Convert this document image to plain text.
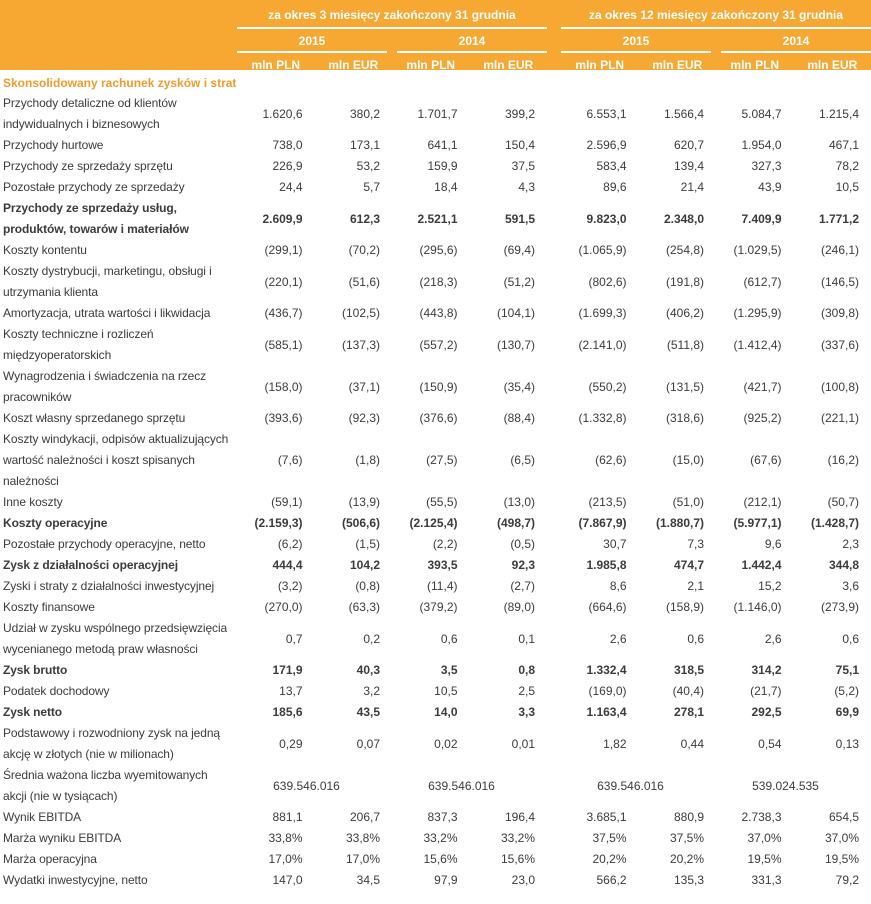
za okres 3 miesięcy zakończony 31 grudnia
2015	2014
mln PLN	mln EUR	mln PLN	mln EUR
za okres 12 miesięcy zakończony 31 grudnia
2015	2014
mln PLN	mln EUR	mln PLN	mln EUR
Skonsolidowany rachunek zysków i strat
Przychody detaliczne od klientów indywidualnych i biznesowych
1.620,6	380,2	1.701,7	399,2	6.553,1	1.566,4	5.084,7	1.215,4
Przychody hurtowe	738,0	173,1	641,1	150,4	2.596,9	620,7	1.954,0	467,1
Przychody ze sprzedaży sprzętu	226,9	53,2	159,9	37,5	583,4	139,4	327,3	78,2
Pozostałe przychody ze sprzedaży	24,4	5,7	18,4	4,3	89,6	21,4	43,9	10,5
Przychody ze sprzedaży usług, produktów, towarów i materiałów
2.609,9	612,3	2.521,1	591,5	9.823,0	2.348,0	7.409,9	1.771,2
Koszty kontentu	(299,1)	(70,2)	(295,6)	(69,4)	(1.065,9)	(254,8)	(1.029,5)	(246,1)
Koszty dystrybucji, marketingu, obsługi i utrzymania klienta
(220,1)	(51,6)	(218,3)	(51,2)	(802,6)	(191,8)	(612,7)	(146,5)
Amortyzacja, utrata wartości i likwidacja	(436,7)	(102,5)	(443,8)	(104,1)	(1.699,3)	(406,2)	(1.295,9)	(309,8)
Koszty techniczne i rozliczeń międzyoperatorskich
(585,1)	(137,3)	(557,2)	(130,7)	(2.141,0)	(511,8)	(1.412,4)	(337,6)
Wynagrodzenia i świadczenia na rzecz pracowników
(158,0)	(37,1)	(150,9)	(35,4)	(550,2)	(131,5)	(421,7)	(100,8)
Koszt własny sprzedanego sprzętu	(393,6)	(92,3)	(376,6)	(88,4)	(1.332,8)	(318,6)	(925,2)	(221,1)
Koszty windykacji, odpisów aktualizujących wartość należności i koszt spisanych należności
(7,6)	(1,8)	(27,5)	(6,5)	(62,6)	(15,0)	(67,6)	(16,2)
Inne koszty	(59,1)	(13,9)	(55,5)	(13,0)	(213,5)	(51,0)	(212,1)	(50,7)
Koszty operacyjne	(2.159,3)	(506,6)	(2.125,4)	(498,7)	(7.867,9)	(1.880,7)	(5.977,1)	(1.428,7)
Pozostałe przychody operacyjne, netto	(6,2)	(1,5)	(2,2)	(0,5)	30,7	7,3	9,6	2,3
Zysk z działalności operacyjnej	444,4	104,2	393,5	92,3	1.985,8	474,7	1.442,4	344,8
Zyski i straty z działalności inwestycyjnej	(3,2)	(0,8)	(11,4)	(2,7)	8,6	2,1	15,2	3,6
Koszty finansowe	(270,0)	(63,3)	(379,2)	(89,0)	(664,6)	(158,9)	(1.146,0)	(273,9)
Udział w zysku wspólnego przedsięwzięcia wycenianego metodą praw własności
0,7	0,2	0,6	0,1	2,6	0,6	2,6	0,6
Zysk brutto	171,9	40,3	3,5	0,8	1.332,4	318,5	314,2	75,1
Podatek dochodowy	13,7	3,2	10,5	2,5	(169,0)	(40,4)	(21,7)	(5,2)
Zysk netto	185,6	43,5	14,0	3,3	1.163,4	278,1	292,5	69,9
Podstawowy i rozwodniony zysk na jedną akcję w złotych (nie w milionach)
0,29	0,07	0,02	0,01	1,82	0,44	0,54	0,13
Średnia ważona liczba wyemitowanych akcji (nie w tysiącach)
639.546.016	639.546.016	639.546.016	539.024.535
Wynik EBITDA	881,1	206,7	837,3	196,4	3.685,1	880,9	2.738,3	654,5
Marża wyniku EBITDA	33,8%	33,8%	33,2%	33,2%	37,5%	37,5%	37,0%	37,0%
Marża operacyjna	17,0%	17,0%	15,6%	15,6%	20,2%	20,2%	19,5%	19,5%
Wydatki inwestycyjne, netto	147,0	34,5	97,9	23,0	566,2	135,3	331,3	79,2
